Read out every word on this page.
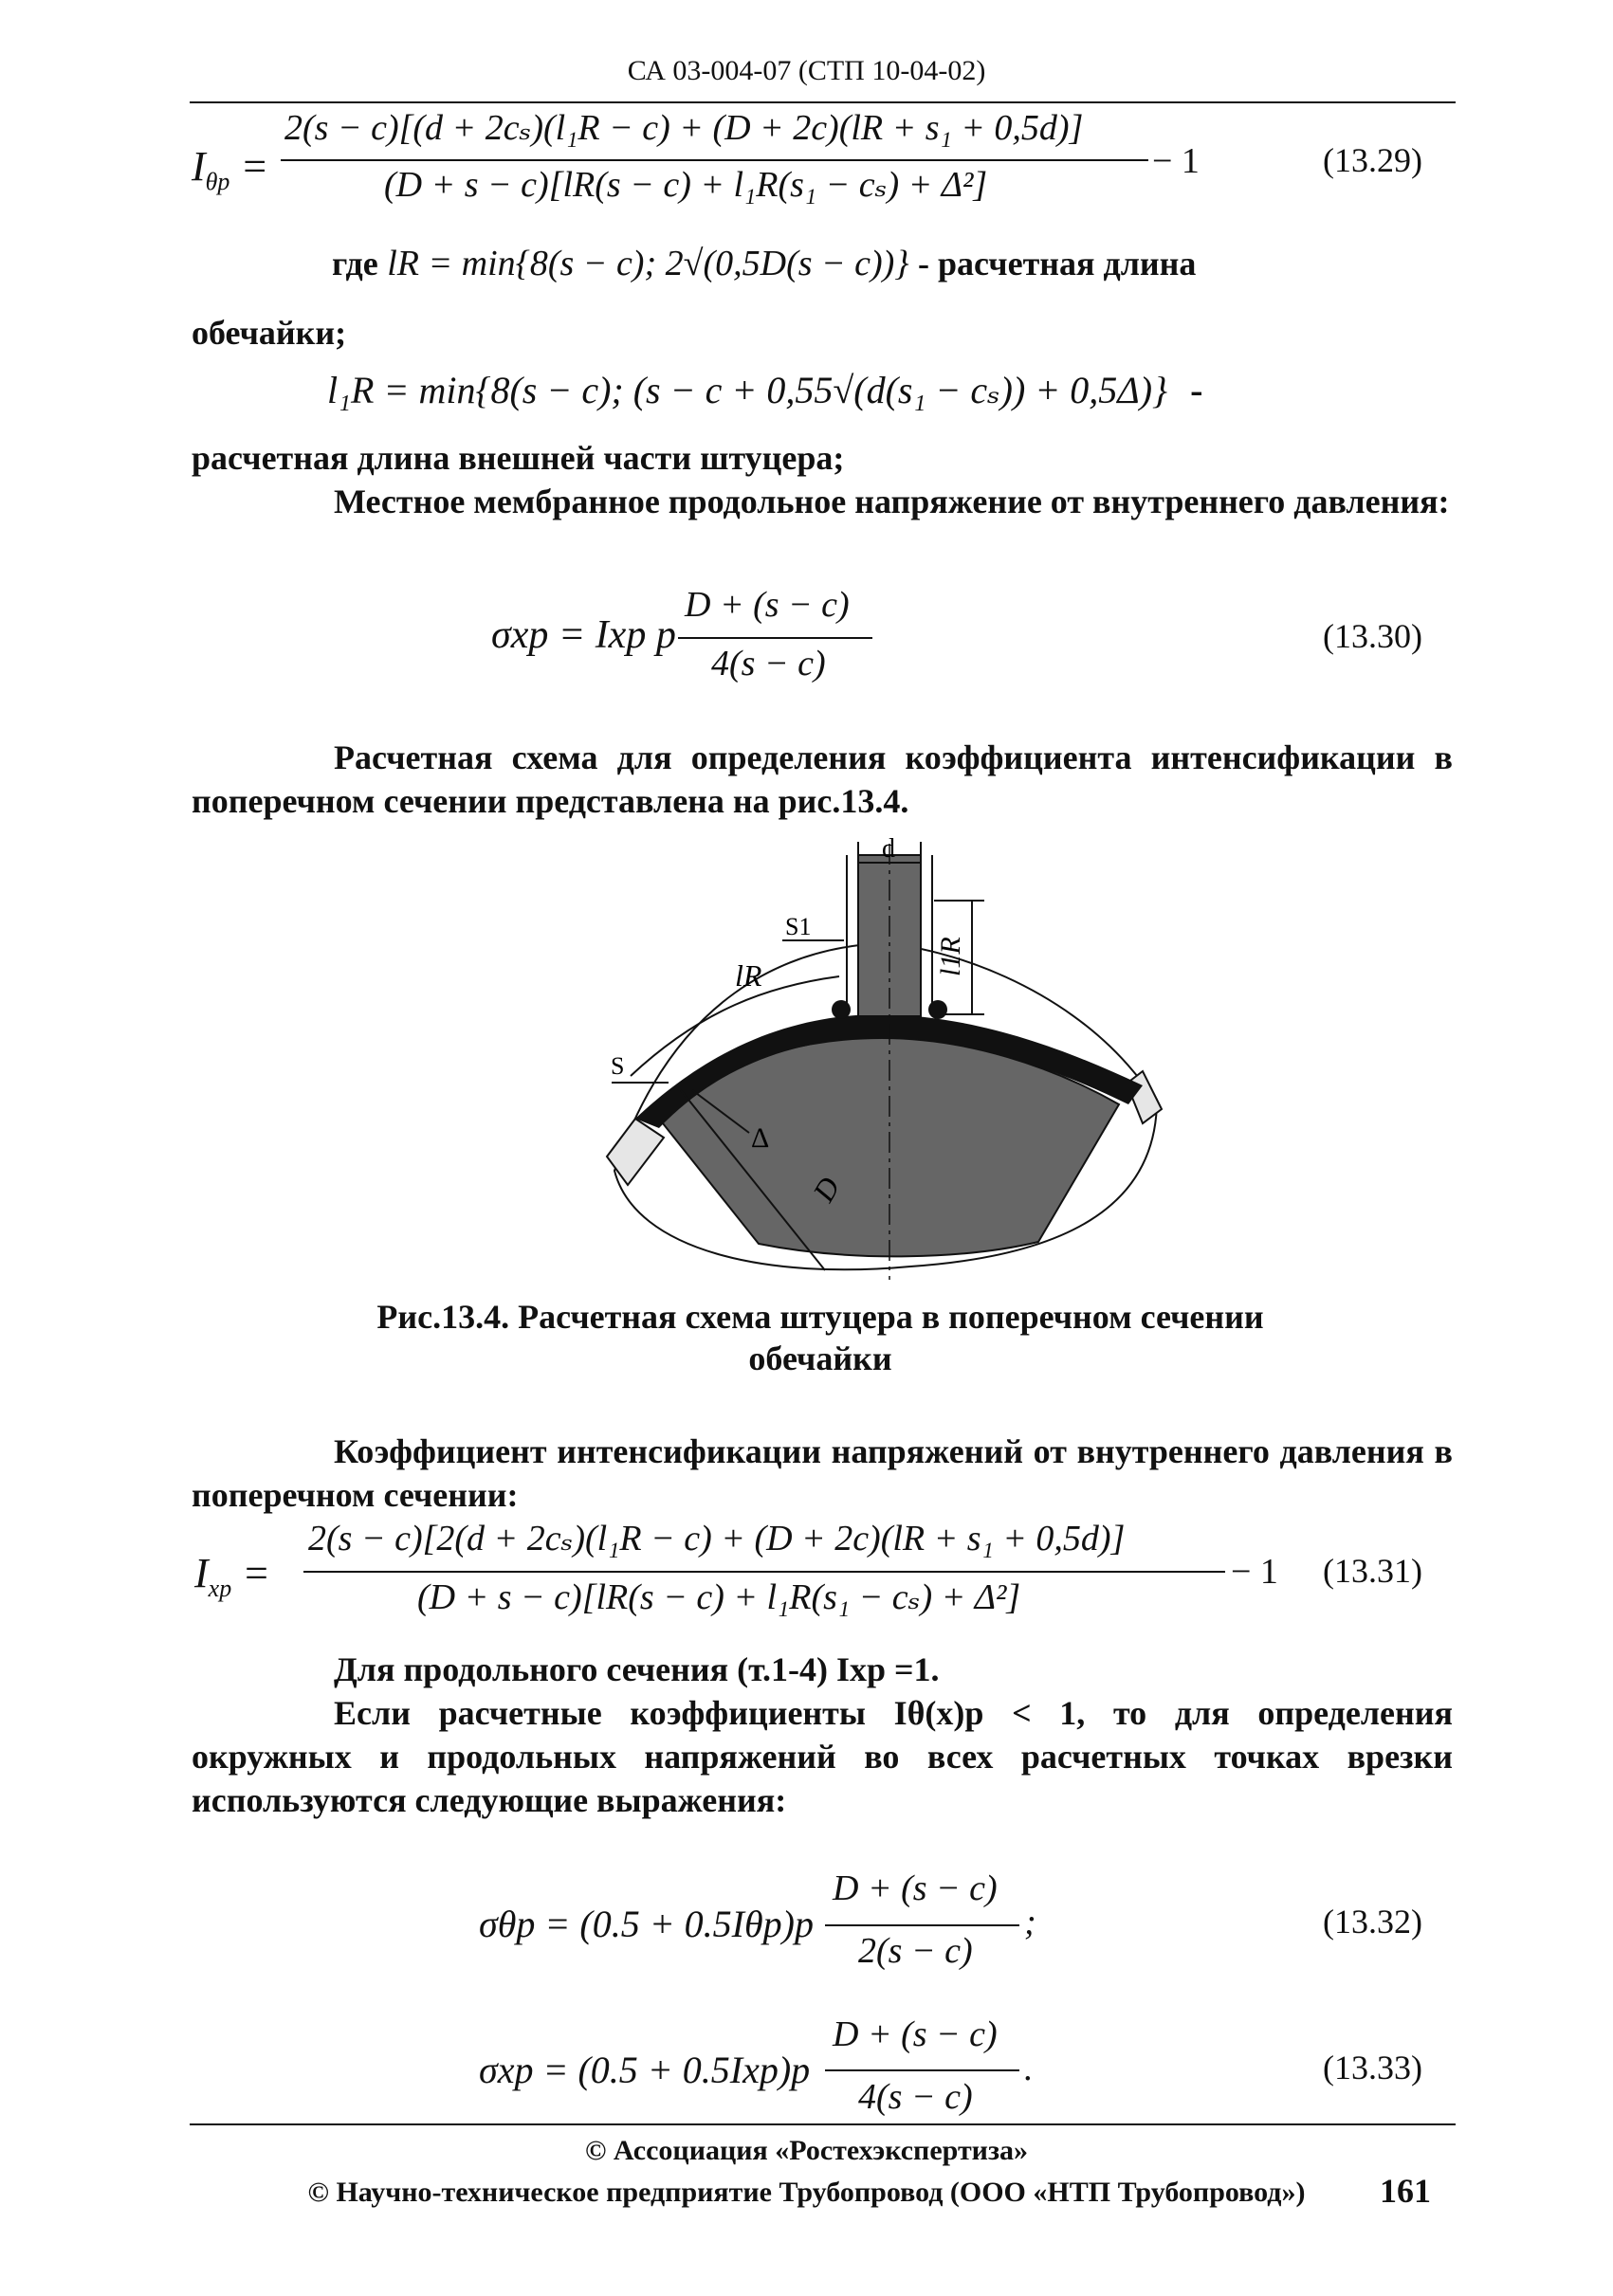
СА 03-004-07 (СТП 10-04-02)
$I_{\theta p}$ =
2(s − c)[(d + 2cₛ)(l₁R − c) + (D + 2c)(lR + s₁ + 0,5d)]
(D + s − c)[lR(s − c) + l₁R(s₁ − cₛ) + Δ²]
− 1	(13.29)
где lR = min{8(s − c); 2√(0,5D(s − c))} - расчетная длина
обечайки;
l₁R = min{8(s − c); (s − c + 0,55√(d(s₁ − cₛ)) + 0,5Δ)} -
расчетная длина внешней части штуцера;
Местное мембранное продольное напряжение от внутреннего давления:
σxp = Ixp p
D + (s − c)
4(s − c)
(13.30)
Расчетная схема для определения коэффициента интенсификации в поперечном сечении представлена на рис.13.4.
d
S1
l1R
lR
S
Δ
D
Рис.13.4. Расчетная схема штуцера в поперечном сечении
обечайки
Коэффициент интенсификации напряжений от внутреннего давления в поперечном сечении:
$I_{xp}$ =
2(s − c)[2(d + 2cₛ)(l₁R − c) + (D + 2c)(lR + s₁ + 0,5d)]
(D + s − c)[lR(s − c) + l₁R(s₁ − cₛ) + Δ²]
− 1 (13.31)
Для продольного сечения (т.1-4) Ixp =1.
Если расчетные коэффициенты Iθ(x)p < 1, то для определения окружных и продольных напряжений во всех расчетных точках врезки используются следующие выражения:
σθp = (0.5 + 0.5Iθp)p
D + (s − c)
2(s − c)
;	(13.32)
σxp = (0.5 + 0.5Ixp)p
D + (s − c)
4(s − c)
.	(13.33)
© Ассоциация «Ростехэкспертиза»
© Научно-техническое предприятие Трубопровод (ООО «НТП Трубопровод»)	161
